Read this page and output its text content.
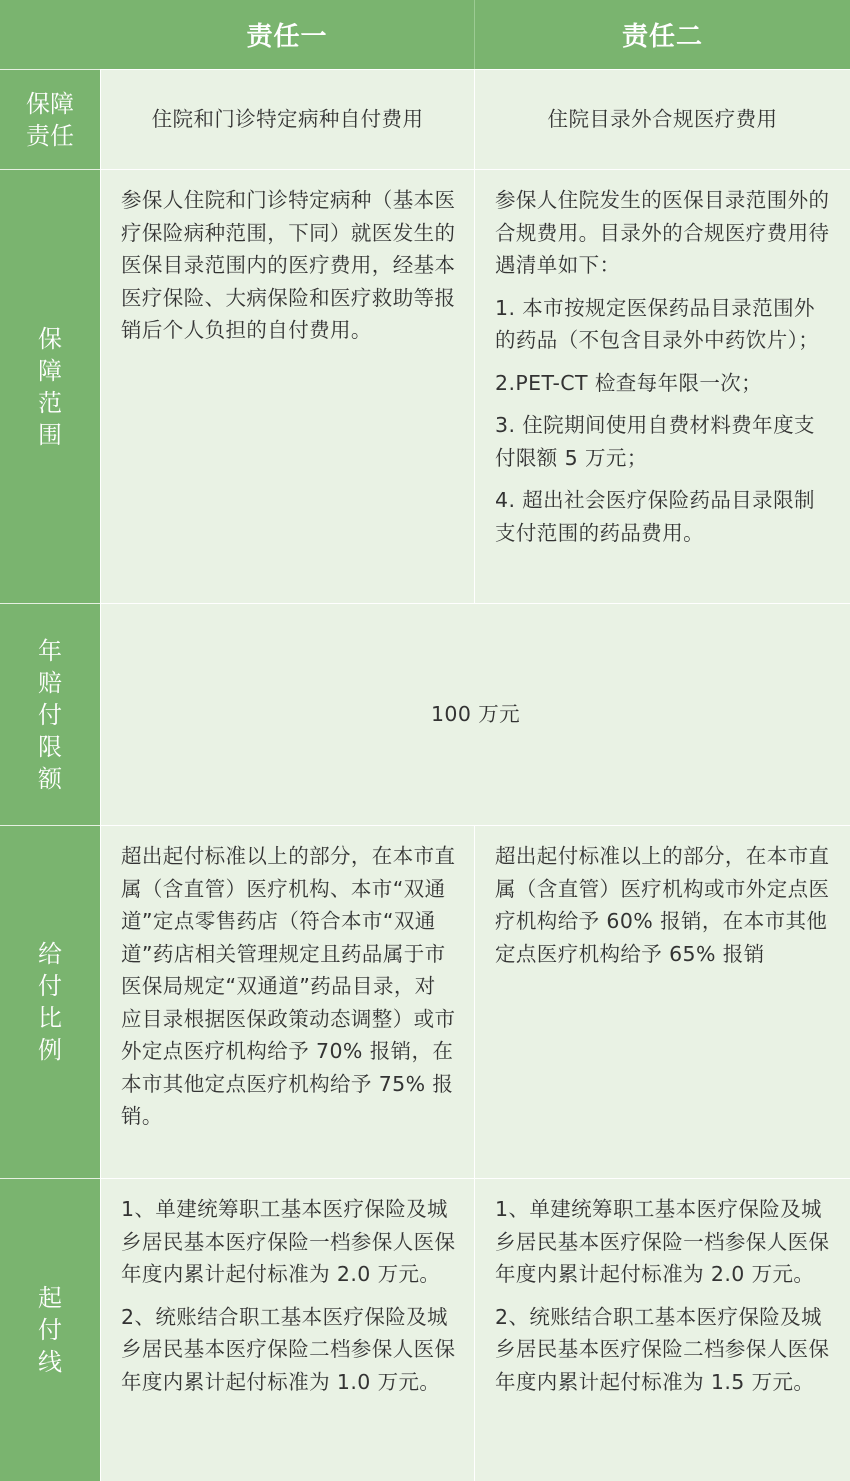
责任一	责任二
保障责任
住院和门诊特定病种自付费用	住院目录外合规医疗费用
保障范围

参保人住院和门诊特定病种（基本医疗保险病种范围，下同）就医发生的医保目录范围内的医疗费用，经基本医疗保险、大病保险和医疗救助等报销后个人负担的自付费用。

参保人住院发生的医保目录范围外的合规费用。目录外的合规医疗费用待遇清单如下：

1. 本市按规定医保药品目录范围外的药品（不包含目录外中药饮片）；

2.PET-CT 检查每年限一次；

3. 住院期间使用自费材料费年度支付限额 5 万元；

4. 超出社会医疗保险药品目录限制支付范围的药品费用。

年赔付限额
100 万元
给付比例

超出起付标准以上的部分，在本市直属（含直管）医疗机构、本市“双通道”定点零售药店（符合本市“双通道”药店相关管理规定且药品属于市医保局规定“双通道”药品目录，对应目录根据医保政策动态调整）或市外定点医疗机构给予 70% 报销，在本市其他定点医疗机构给予 75% 报销。

超出起付标准以上的部分，在本市直属（含直管）医疗机构或市外定点医疗机构给予 60% 报销，在本市其他定点医疗机构给予 65% 报销

起付线

1、单建统筹职工基本医疗保险及城乡居民基本医疗保险一档参保人医保年度内累计起付标准为 2.0 万元。

2、统账结合职工基本医疗保险及城乡居民基本医疗保险二档参保人医保年度内累计起付标准为 1.0 万元。

1、单建统筹职工基本医疗保险及城乡居民基本医疗保险一档参保人医保年度内累计起付标准为 2.0 万元。

2、统账结合职工基本医疗保险及城乡居民基本医疗保险二档参保人医保年度内累计起付标准为 1.5 万元。
